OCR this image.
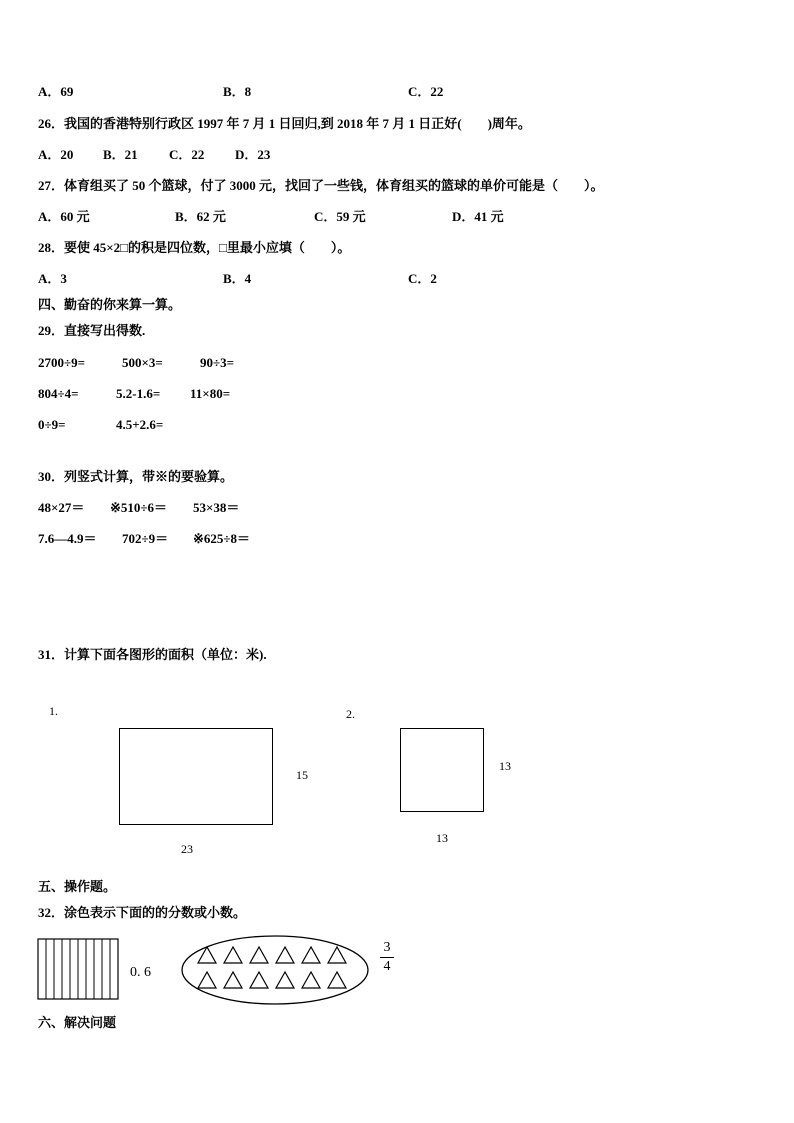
A．69	B．8	C．22
26．我国的香港特别行政区 1997 年 7 月 1 日回归,到 2018 年 7 月 1 日正好(　　)周年。
A．20 B．21 C．22 D．23
27．体育组买了 50 个篮球，付了 3000 元，找回了一些钱，体育组买的篮球的单价可能是（　　）。
A．60 元	B．62 元	C．59 元	D．41 元
28．要使 45×2□的积是四位数，□里最小应填（　　）。
A．3	B．4	C．2
四、勤奋的你来算一算。
29．直接写出得数.
2700÷9=	500×3=	90÷3=
804÷4=	5.2-1.6= 11×80=
0÷9=	4.5+2.6=
30．列竖式计算，带※的要验算。
48×27＝ ※510÷6＝ 53×38＝
7.6—4.9＝ 702÷9＝ ※625÷8＝
31．计算下面各图形的面积（单位：米).
1.
15
23
2.
13
13
五、操作题。
32．涂色表示下面的的分数或小数。
0. 6
3
4
六、解决问题
